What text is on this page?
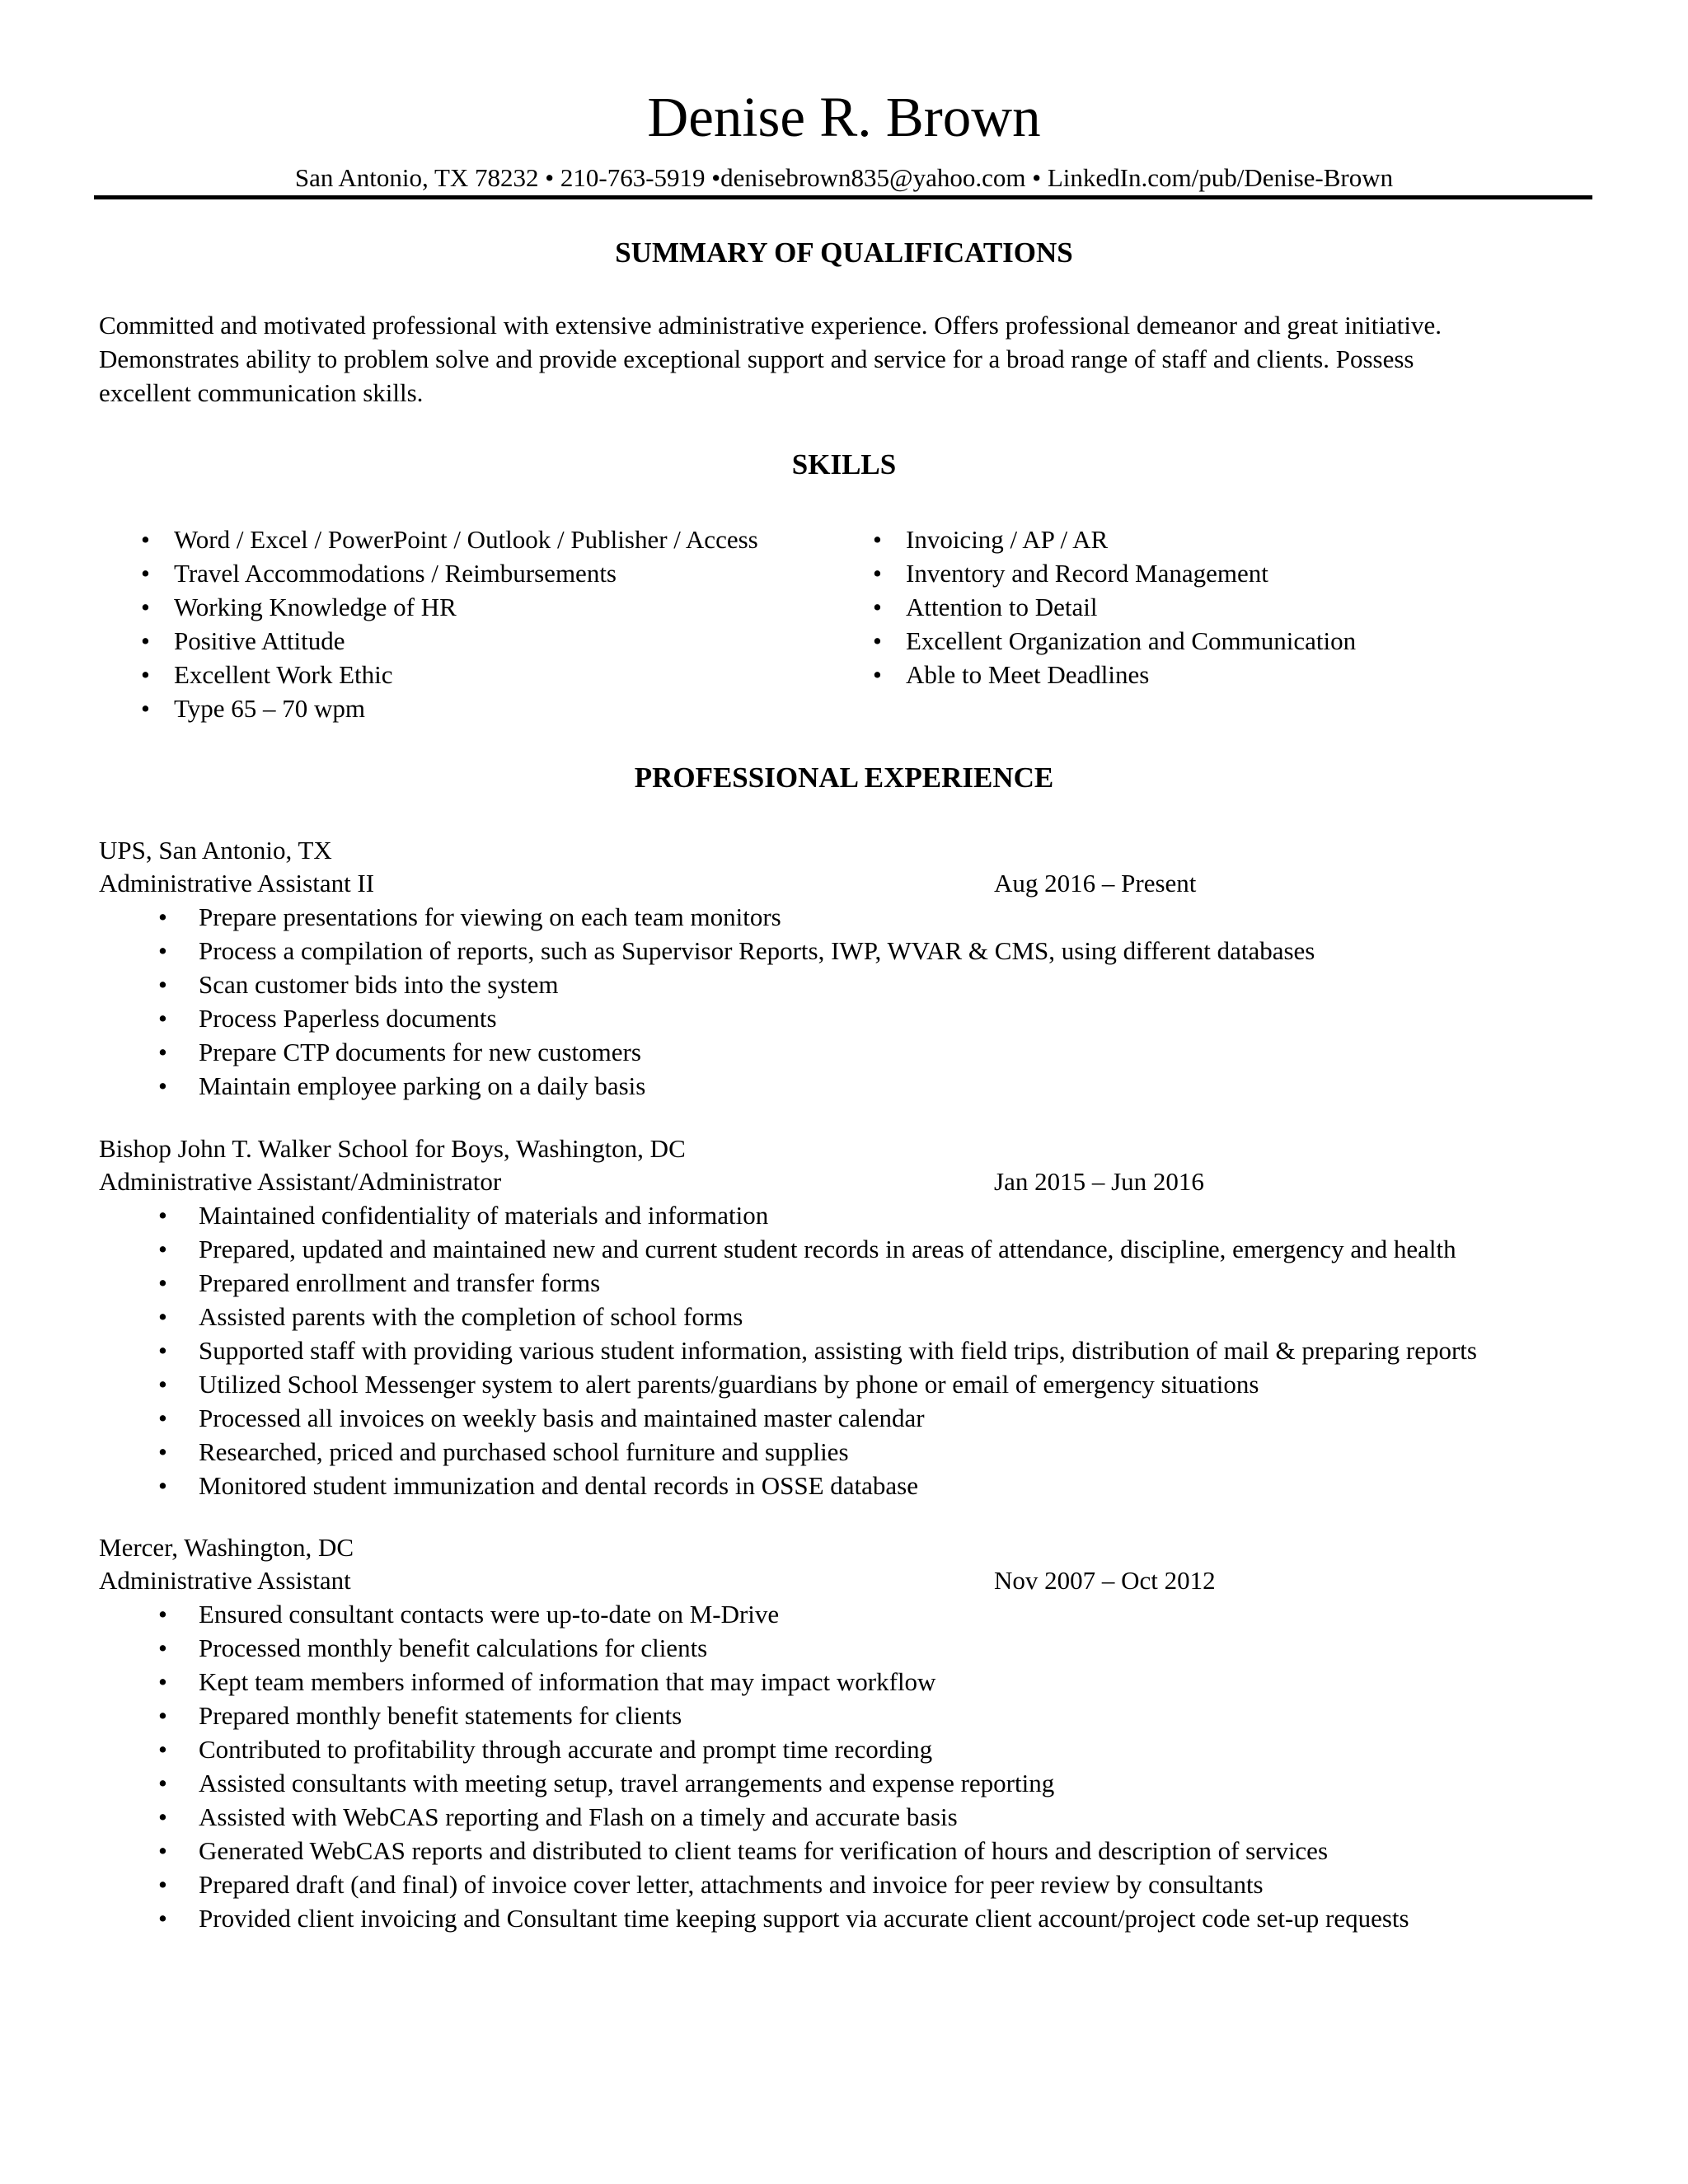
Denise R. Brown
San Antonio, TX 78232 • 210-763-5919 •denisebrown835@yahoo.com • LinkedIn.com/pub/Denise-Brown
SUMMARY OF QUALIFICATIONS

Committed and motivated professional with extensive administrative experience. Offers professional demeanor and great initiative.

Demonstrates ability to problem solve and provide exceptional support and service for a broad range of staff and clients. Possess

excellent communication skills.

SKILLS
• Word / Excel / PowerPoint / Outlook / Publisher / Access
• Travel Accommodations / Reimbursements
• Working Knowledge of HR
• Positive Attitude
• Excellent Work Ethic
• Type 65 – 70 wpm
• Invoicing / AP / AR
• Inventory and Record Management
• Attention to Detail
• Excellent Organization and Communication
• Able to Meet Deadlines
PROFESSIONAL EXPERIENCE
UPS, San Antonio, TX
Administrative Assistant II	Aug 2016 – Present
• Prepare presentations for viewing on each team monitors
• Process a compilation of reports, such as Supervisor Reports, IWP, WVAR & CMS, using different databases
• Scan customer bids into the system
• Process Paperless documents
• Prepare CTP documents for new customers
• Maintain employee parking on a daily basis
Bishop John T. Walker School for Boys, Washington, DC
Administrative Assistant/Administrator	Jan 2015 – Jun 2016
• Maintained confidentiality of materials and information
• Prepared, updated and maintained new and current student records in areas of attendance, discipline, emergency and health
• Prepared enrollment and transfer forms
• Assisted parents with the completion of school forms
• Supported staff with providing various student information, assisting with field trips, distribution of mail & preparing reports
• Utilized School Messenger system to alert parents/guardians by phone or email of emergency situations
• Processed all invoices on weekly basis and maintained master calendar
• Researched, priced and purchased school furniture and supplies
• Monitored student immunization and dental records in OSSE database
Mercer, Washington, DC
Administrative Assistant	Nov 2007 – Oct 2012
• Ensured consultant contacts were up-to-date on M-Drive
• Processed monthly benefit calculations for clients
• Kept team members informed of information that may impact workflow
• Prepared monthly benefit statements for clients
• Contributed to profitability through accurate and prompt time recording
• Assisted consultants with meeting setup, travel arrangements and expense reporting
• Assisted with WebCAS reporting and Flash on a timely and accurate basis
• Generated WebCAS reports and distributed to client teams for verification of hours and description of services
• Prepared draft (and final) of invoice cover letter, attachments and invoice for peer review by consultants
• Provided client invoicing and Consultant time keeping support via accurate client account/project code set-up requests
